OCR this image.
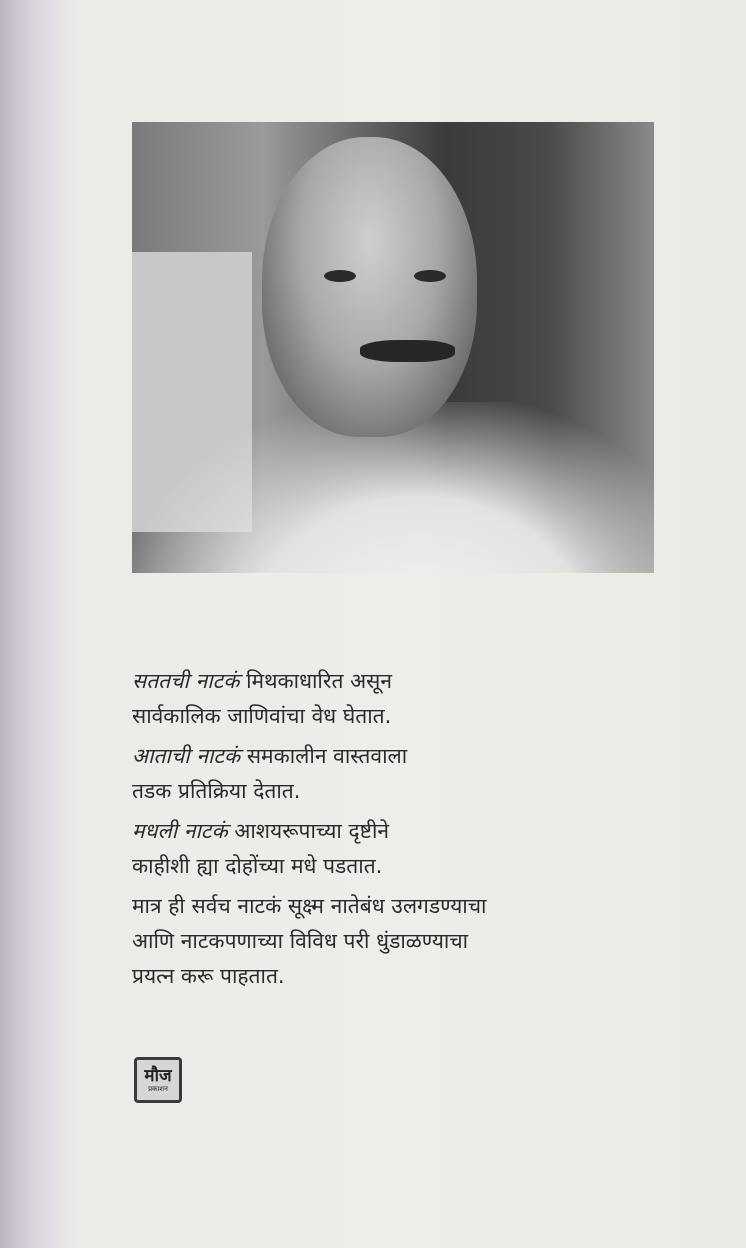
सततची नाटकं मिथकाधारित असून
सार्वकालिक जाणिवांचा वेध घेतात.

आताची नाटकं समकालीन वास्तवाला
तडक प्रतिक्रिया देतात.

मधली नाटकं आशयरूपाच्या दृष्टीने
काहीशी ह्या दोहोंच्या मधे पडतात.

मात्र ही सर्वच नाटकं सूक्ष्म नातेबंध उलगडण्याचा
आणि नाटकपणाच्या विविध परी धुंडाळण्याचा
प्रयत्न करू पाहतात.

मौज
प्रकाशन
